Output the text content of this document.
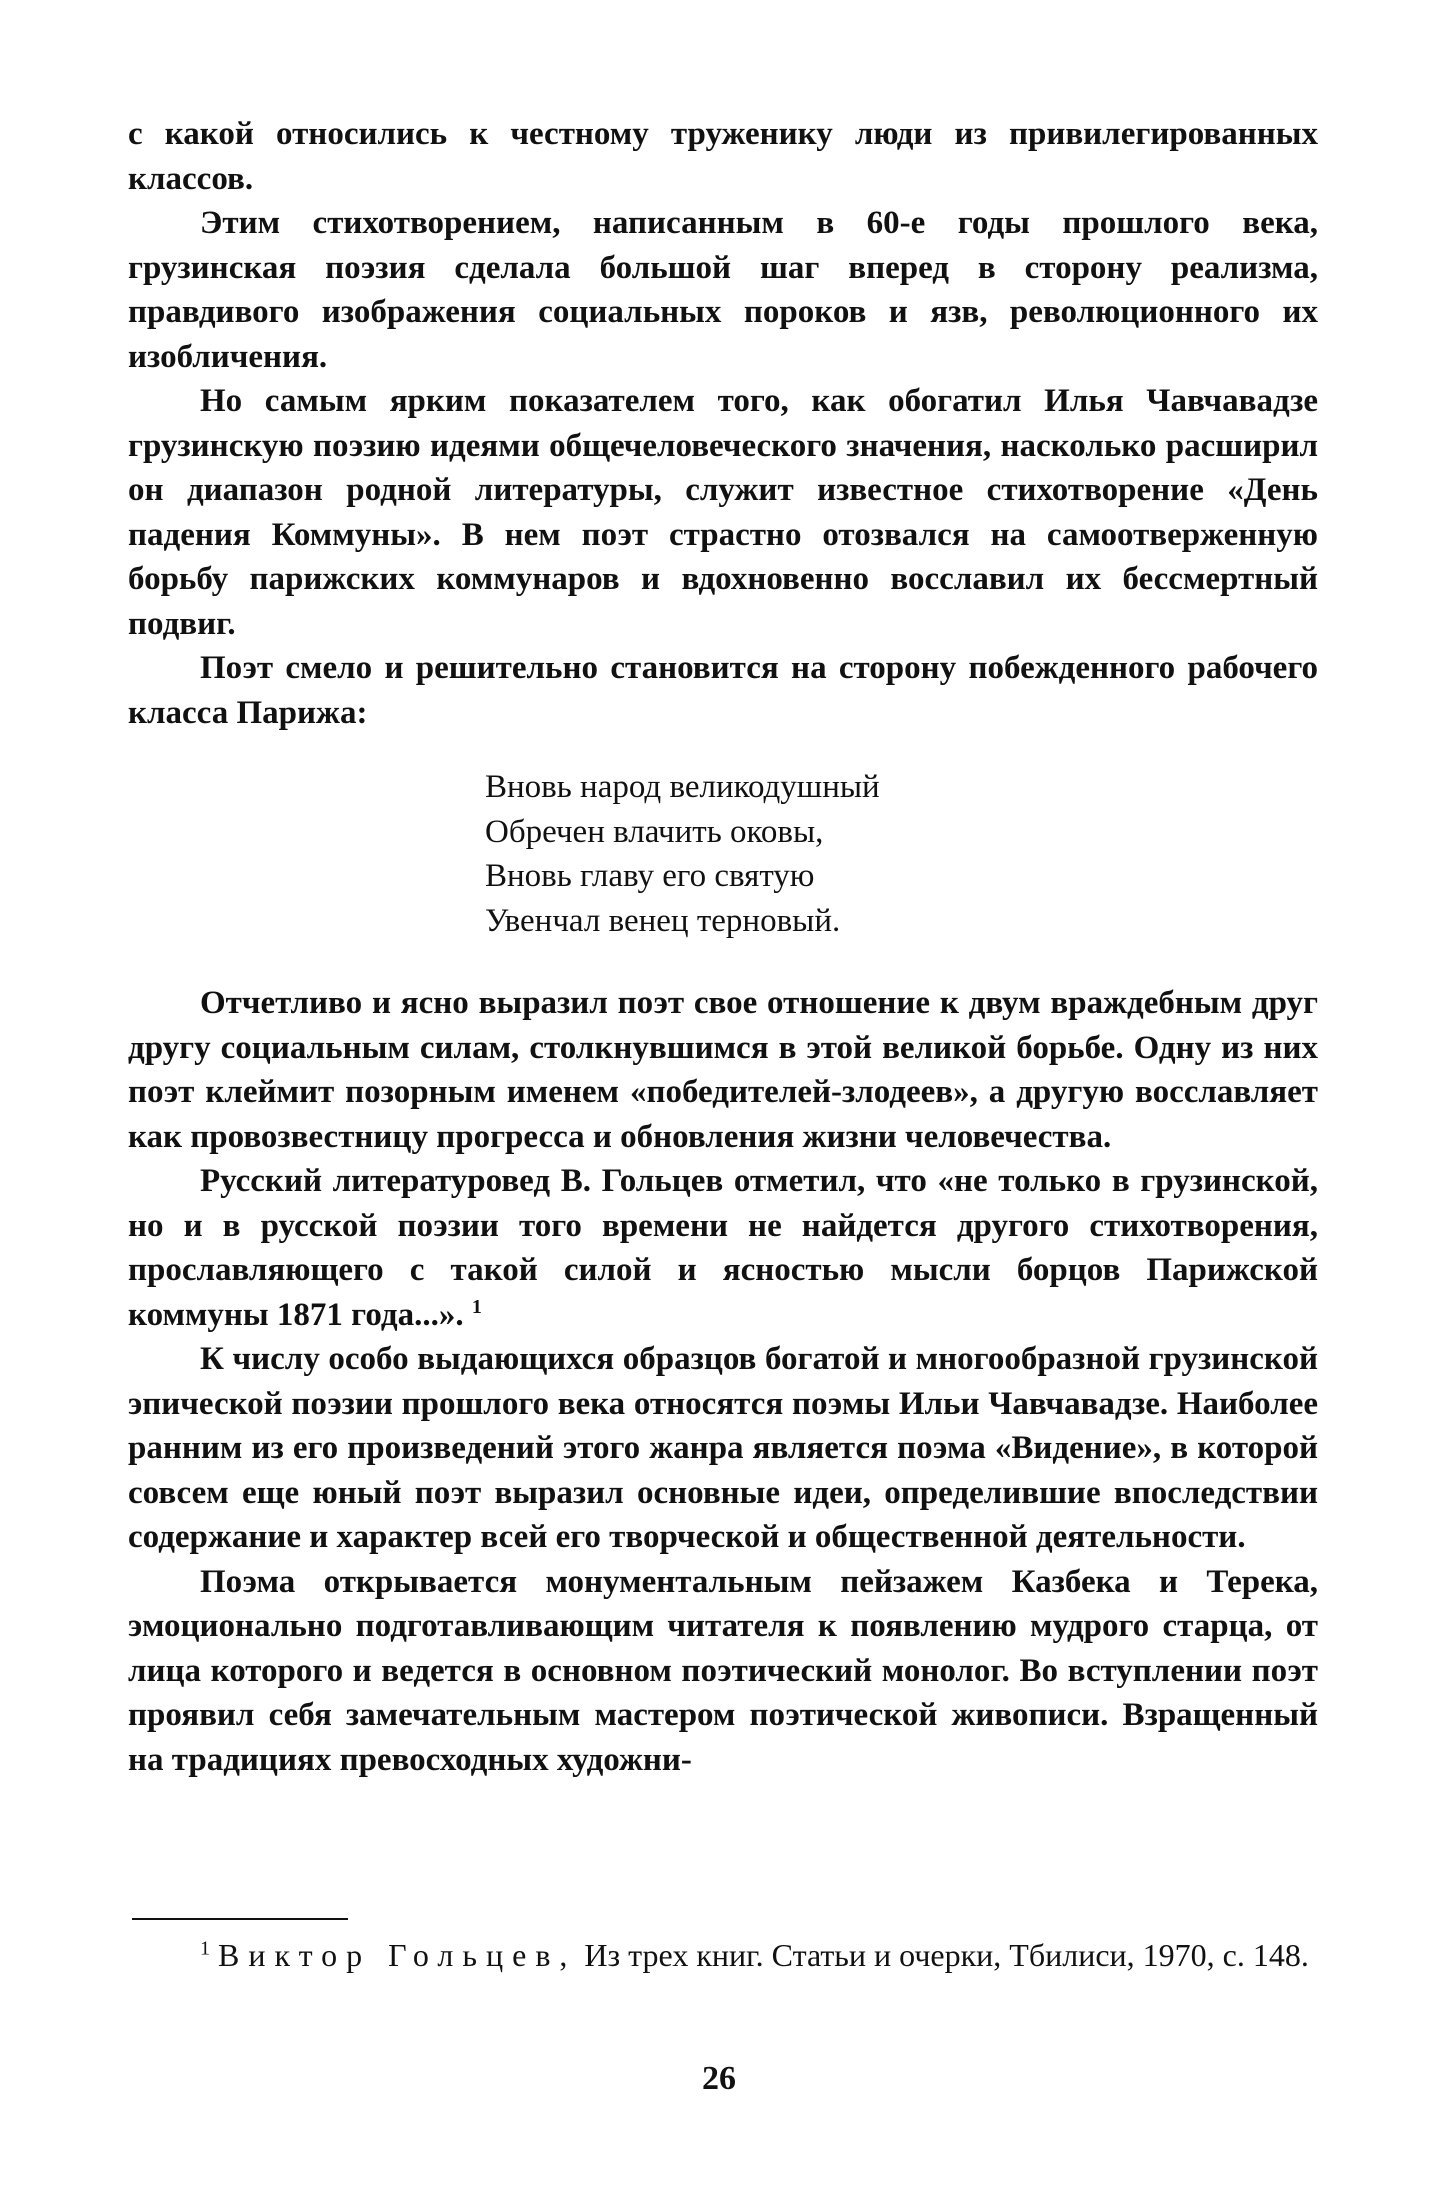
с какой относились к честному труженику люди из привилегированных классов.

Этим стихотворением, написанным в 60-е годы прошлого века, грузинская поэзия сделала большой шаг вперед в сторону реализма, правдивого изображения социальных пороков и язв, революционного их изобличения.

Но самым ярким показателем того, как обогатил Илья Чавчавадзе грузинскую поэзию идеями общечеловеческого значения, насколько расширил он диапазон родной литературы, служит известное стихотворение «День падения Коммуны». В нем поэт страстно отозвался на самоотверженную борьбу парижских коммунаров и вдохновенно восславил их бессмертный подвиг.

Поэт смело и решительно становится на сторону побежденного рабочего класса Парижа:

Вновь народ великодушный
Обречен влачить оковы,
Вновь главу его святую
Увенчал венец терновый.

Отчетливо и ясно выразил поэт свое отношение к двум враждебным друг другу социальным силам, столкнувшимся в этой великой борьбе. Одну из них поэт клеймит позорным именем «победителей-злодеев», а другую восславляет как провозвестницу прогресса и обновления жизни человечества.

Русский литературовед В. Гольцев отметил, что «не только в грузинской, но и в русской поэзии того времени не найдется другого стихотворения, прославляющего с такой силой и ясностью мысли борцов Парижской коммуны 1871 года...». $^1$

К числу особо выдающихся образцов богатой и многообразной грузинской эпической поэзии прошлого века относятся поэмы Ильи Чавчавадзе. Наиболее ранним из его произведений этого жанра является поэма «Видение», в которой совсем еще юный поэт выразил основные идеи, определившие впоследствии содержание и характер всей его творческой и общественной деятельности.

Поэма открывается монументальным пейзажем Казбека и Терека, эмоционально подготавливающим читателя к появлению мудрого старца, от лица которого и ведется в основном поэтический монолог. Во вступлении поэт проявил себя замечательным мастером поэтической живописи. Взращенный на традициях превосходных художни-

$^1$ Виктор Гольцев, Из трех книг. Статьи и очерки, Тбилиси, 1970, с. 148.

26
